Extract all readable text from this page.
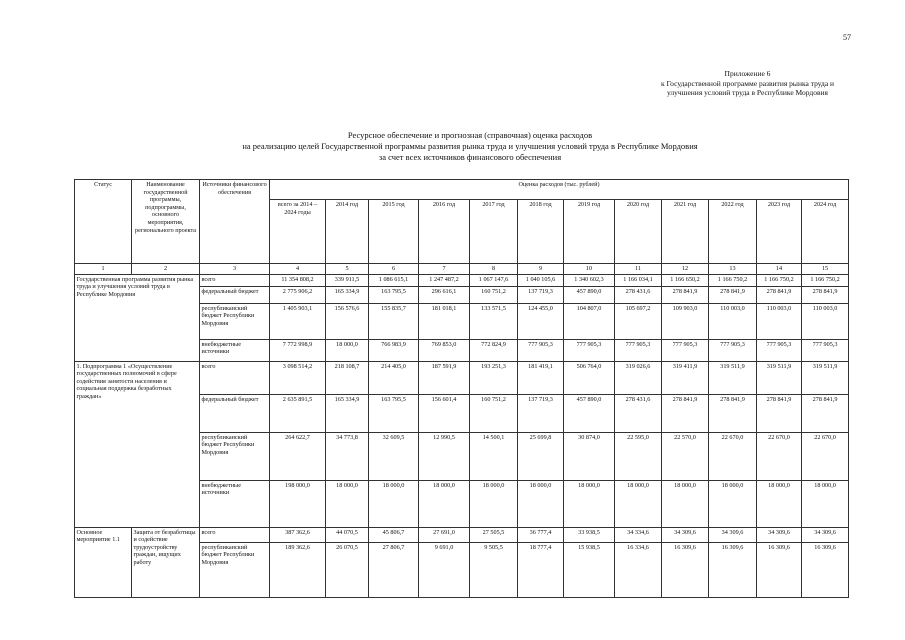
57
Приложение 6
к Государственной программе развития рынка труда и
улучшения условий труда в Республике Мордовия
Ресурсное обеспечение и прогнозная (справочная) оценка расходов
на реализацию целей Государственной программы развития рынка труда и улучшения условий труда в Республике Мордовия
за счет всех источников финансового обеспечения
Статус	Наименование государственной программы, подпрограммы, основного мероприятия, регионального проекта	Источники финансового обеспечения	Оценка расходов (тыс. рублей)											
			всего за 2014 – 2024 годы	2014 год	2015 год	2016 год	2017 год	2018 год	2019 год	2020 год	2021 год	2022 год	2023 год	2024 год
1	2	3	4	5	6	7	8	9	10	11	12	13	14	15
Государственная программа развития рынка труда и улучшения условий труда в Республике Мордовия		всего	11 354 808,2	339 911,5	1 086 615,1	1 247 487,2	1 067 147,6	1 040 105,6	1 340 602,3	1 166 034,1	1 166 650,2	1 166 750,2	1 166 750,2	1 166 750,2
		федеральный бюджет	2 775 906,2	165 334,9	163 795,5	296 616,1	160 751,2	137 719,3	457 890,0	278 431,6	278 841,9	278 841,9	278 841,9	278 841,9
		республиканский бюджет Республики Мордовия	1 405 903,1	156 576,6	155 835,7	181 018,1	133 571,5	124 455,0	104 807,0	105 697,2	109 903,0	110 003,0	110 003,0	110 003,0
		внебюджетные источники	7 772 998,9	18 000,0	766 983,9	769 853,0	772 824,9	777 905,3	777 905,3	777 905,3	777 905,3	777 905,3	777 905,3	777 905,3
1. Подпрограмма 1 «Осуществление государственных полномочий в сфере содействия занятости населения и социальная поддержка безработных граждан»		всего	3 098 514,2	218 108,7	214 405,0	187 591,9	193 251,3	181 419,1	506 764,0	319 026,6	319 411,9	319 511,9	319 511,9	319 511,9
		федеральный бюджет	2 635 891,5	165 334,9	163 795,5	156 601,4	160 751,2	137 719,3	457 890,0	278 431,6	278 841,9	278 841,9	278 841,9	278 841,9
		республиканский бюджет Республики Мордовия	264 622,7	34 773,8	32 609,5	12 990,5	14 500,1	25 699,8	30 874,0	22 595,0	22 570,0	22 670,0	22 670,0	22 670,0
		внебюджетные источники	198 000,0	18 000,0	18 000,0	18 000,0	18 000,0	18 000,0	18 000,0	18 000,0	18 000,0	18 000,0	18 000,0	18 000,0
Основное мероприятие 1.1	Защита от безработицы и содействие трудоустройству граждан, ищущих работу	всего	387 362,6	44 070,5	45 806,7	27 691,0	27 505,5	36 777,4	33 938,5	34 334,6	34 309,6	34 309,6	34 309,6	34 309,6
		республиканский бюджет Республики Мордовия	189 362,6	26 070,5	27 806,7	9 691,0	9 505,5	18 777,4	15 938,5	16 334,6	16 309,6	16 309,6	16 309,6	16 309,6
